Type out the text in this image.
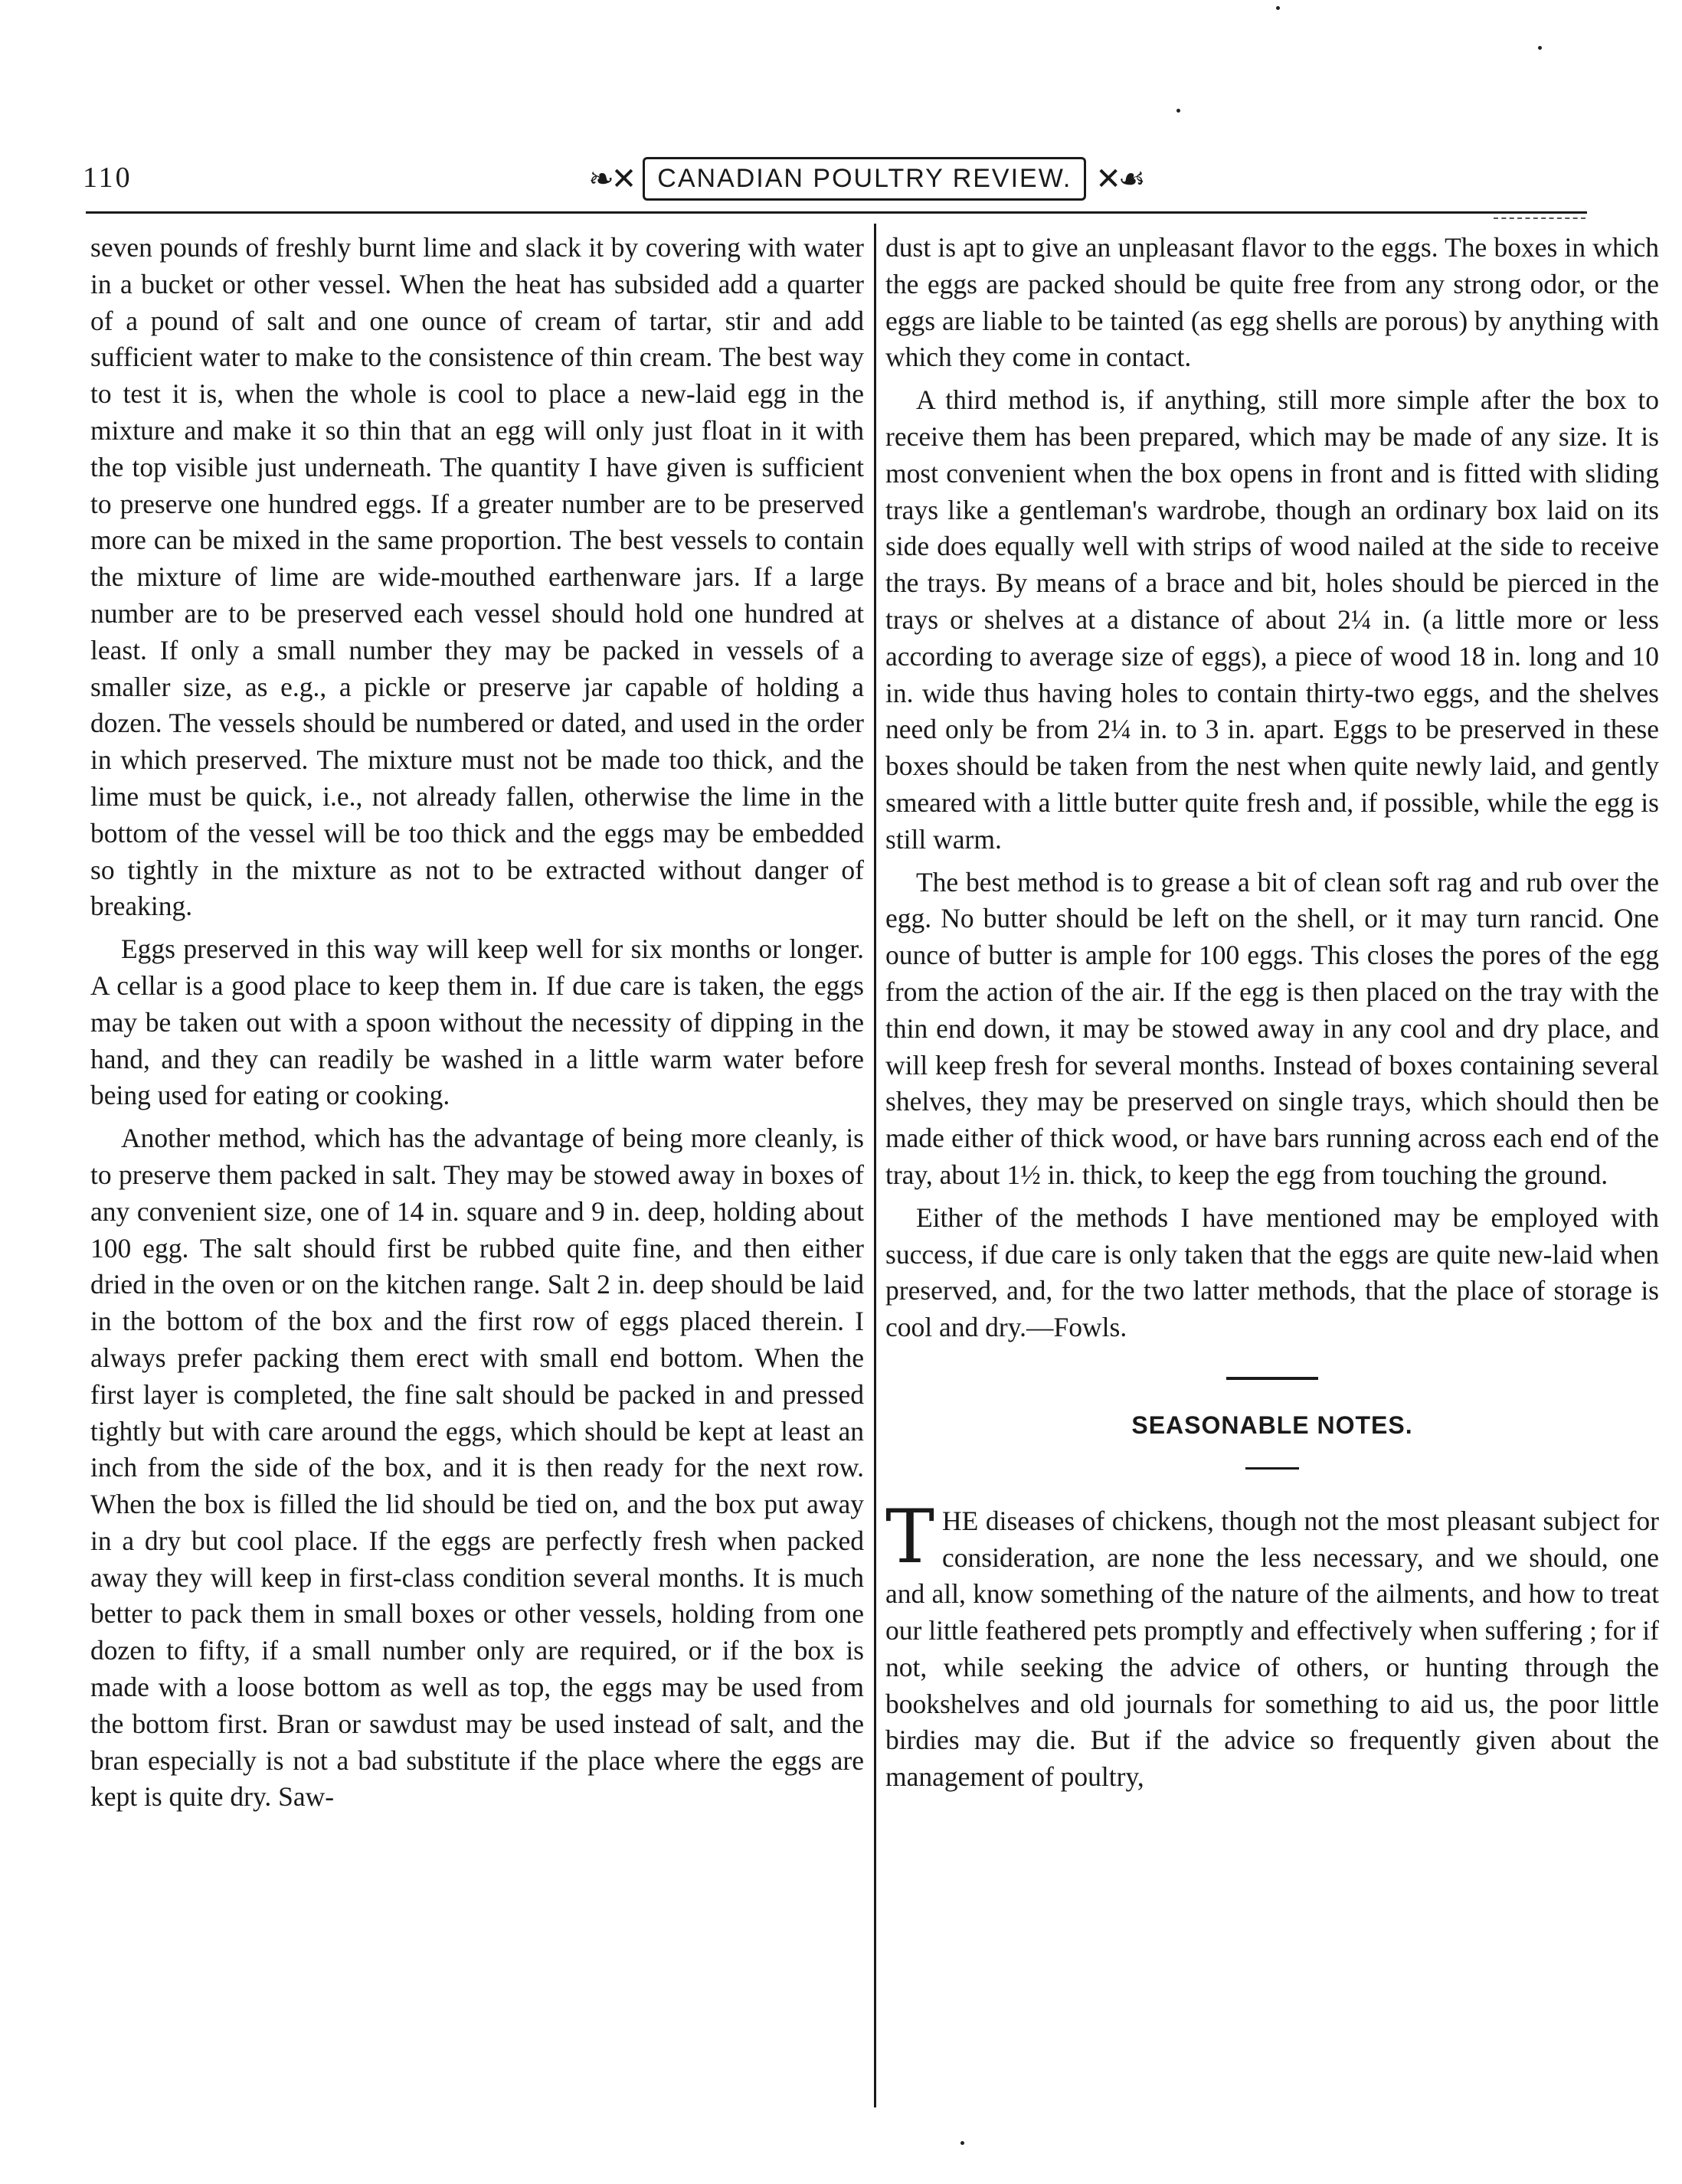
110	❧✕ CANADIAN POULTRY REVIEW. ✕☙

seven pounds of freshly burnt lime and slack it by covering with water in a bucket or other vessel. When the heat has subsided add a quarter of a pound of salt and one ounce of cream of tartar, stir and add sufficient water to make to the consistence of thin cream. The best way to test it is, when the whole is cool to place a new-laid egg in the mixture and make it so thin that an egg will only just float in it with the top visible just underneath. The quantity I have given is sufficient to preserve one hundred eggs. If a greater number are to be preserved more can be mixed in the same proportion. The best vessels to contain the mixture of lime are wide-mouthed earthenware jars. If a large number are to be preserved each vessel should hold one hundred at least. If only a small number they may be packed in vessels of a smaller size, as e.g., a pickle or preserve jar capable of holding a dozen. The vessels should be numbered or dated, and used in the order in which preserved. The mixture must not be made too thick, and the lime must be quick, i.e., not already fallen, otherwise the lime in the bottom of the vessel will be too thick and the eggs may be embedded so tightly in the mixture as not to be extracted without danger of breaking.

Eggs preserved in this way will keep well for six months or longer. A cellar is a good place to keep them in. If due care is taken, the eggs may be taken out with a spoon without the necessity of dipping in the hand, and they can readily be washed in a little warm water before being used for eating or cooking.

Another method, which has the advantage of being more cleanly, is to preserve them packed in salt. They may be stowed away in boxes of any convenient size, one of 14 in. square and 9 in. deep, holding about 100 egg. The salt should first be rubbed quite fine, and then either dried in the oven or on the kitchen range. Salt 2 in. deep should be laid in the bottom of the box and the first row of eggs placed therein. I always prefer packing them erect with small end bottom. When the first layer is completed, the fine salt should be packed in and pressed tightly but with care around the eggs, which should be kept at least an inch from the side of the box, and it is then ready for the next row. When the box is filled the lid should be tied on, and the box put away in a dry but cool place. If the eggs are perfectly fresh when packed away they will keep in first-class condition several months. It is much better to pack them in small boxes or other vessels, holding from one dozen to fifty, if a small number only are required, or if the box is made with a loose bottom as well as top, the eggs may be used from the bottom first. Bran or sawdust may be used instead of salt, and the bran especially is not a bad substitute if the place where the eggs are kept is quite dry. Saw-

dust is apt to give an unpleasant flavor to the eggs. The boxes in which the eggs are packed should be quite free from any strong odor, or the eggs are liable to be tainted (as egg shells are porous) by anything with which they come in contact.

A third method is, if anything, still more simple after the box to receive them has been prepared, which may be made of any size. It is most convenient when the box opens in front and is fitted with sliding trays like a gentleman's wardrobe, though an ordinary box laid on its side does equally well with strips of wood nailed at the side to receive the trays. By means of a brace and bit, holes should be pierced in the trays or shelves at a distance of about 2¼ in. (a little more or less according to average size of eggs), a piece of wood 18 in. long and 10 in. wide thus having holes to contain thirty-two eggs, and the shelves need only be from 2¼ in. to 3 in. apart. Eggs to be preserved in these boxes should be taken from the nest when quite newly laid, and gently smeared with a little butter quite fresh and, if possible, while the egg is still warm.

The best method is to grease a bit of clean soft rag and rub over the egg. No butter should be left on the shell, or it may turn rancid. One ounce of butter is ample for 100 eggs. This closes the pores of the egg from the action of the air. If the egg is then placed on the tray with the thin end down, it may be stowed away in any cool and dry place, and will keep fresh for several months. Instead of boxes containing several shelves, they may be preserved on single trays, which should then be made either of thick wood, or have bars running across each end of the tray, about 1½ in. thick, to keep the egg from touching the ground.

Either of the methods I have mentioned may be employed with success, if due care is only taken that the eggs are quite new-laid when preserved, and, for the two latter methods, that the place of storage is cool and dry.—Fowls.

SEASONABLE NOTES.

THE diseases of chickens, though not the most pleasant subject for consideration, are none the less necessary, and we should, one and all, know something of the nature of the ailments, and how to treat our little feathered pets promptly and effectively when suffering ; for if not, while seeking the advice of others, or hunting through the bookshelves and old journals for something to aid us, the poor little birdies may die. But if the advice so frequently given about the management of poultry,
